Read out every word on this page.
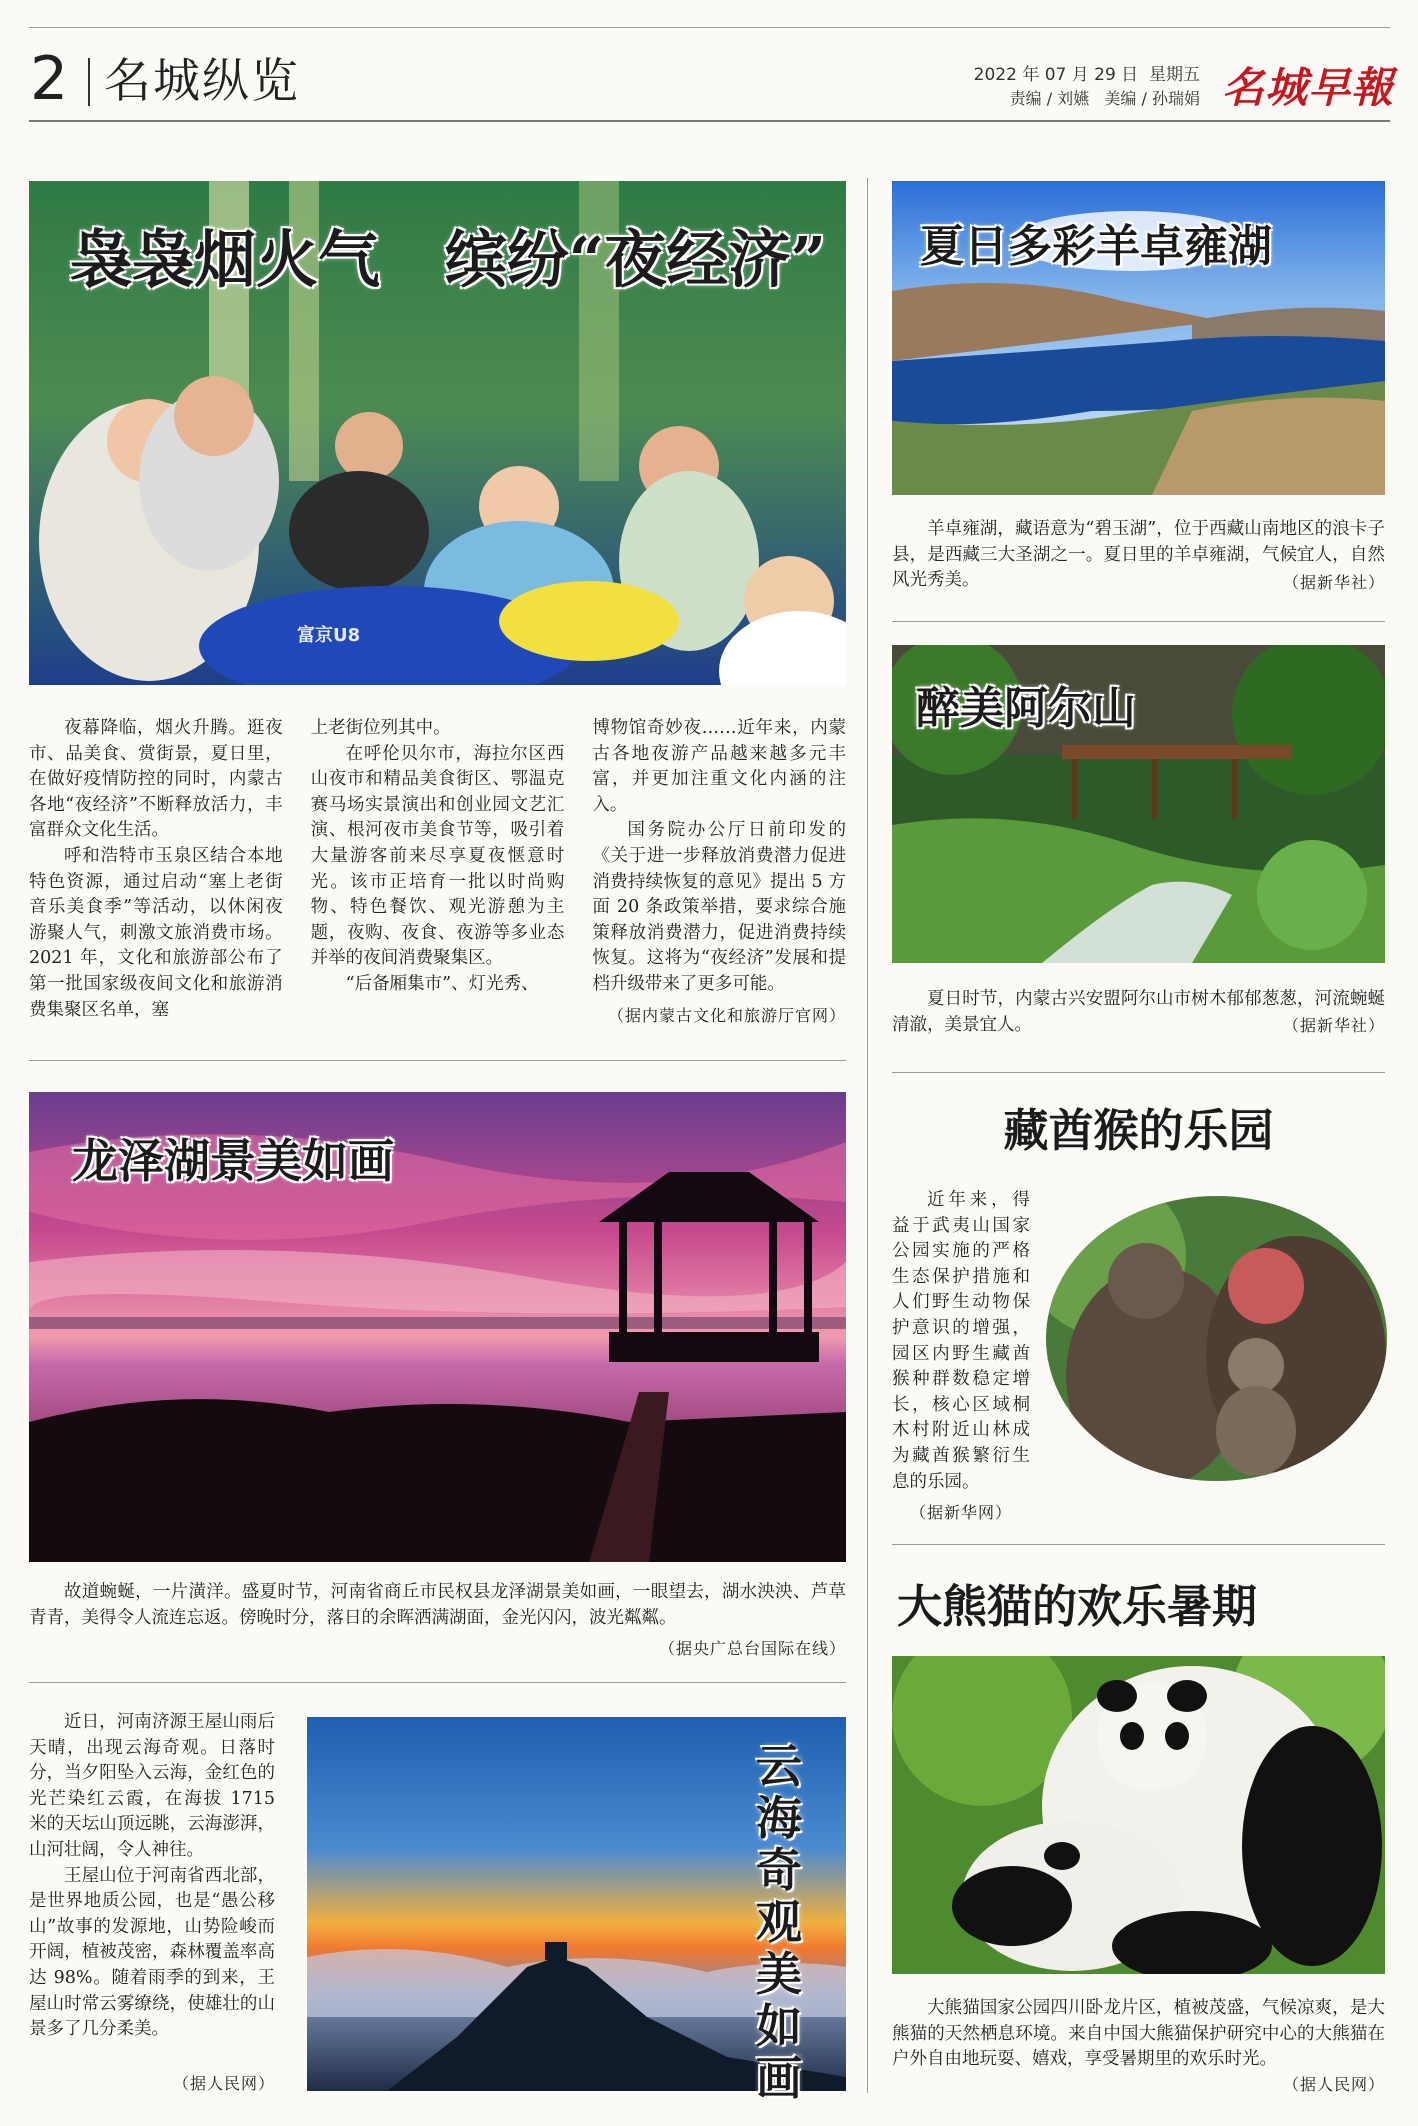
2 名城纵览	2022 年 07 月 29 日  星期五
责编 / 刘嬿   美编 / 孙瑞娟 名城早報
富京U8
袅袅烟火气   缤纷“夜经济”

夜幕降临，烟火升腾。逛夜市、品美食、赏街景，夏日里，在做好疫情防控的同时，内蒙古各地“夜经济”不断释放活力，丰富群众文化生活。

呼和浩特市玉泉区结合本地特色资源，通过启动“塞上老街音乐美食季”等活动，以休闲夜游聚人气，刺激文旅消费市场。2021 年，文化和旅游部公布了第一批国家级夜间文化和旅游消费集聚区名单，塞

上老街位列其中。

在呼伦贝尔市，海拉尔区西山夜市和精品美食街区、鄂温克赛马场实景演出和创业园文艺汇演、根河夜市美食节等，吸引着大量游客前来尽享夏夜惬意时光。该市正培育一批以时尚购物、特色餐饮、观光游憩为主题，夜购、夜食、夜游等多业态并举的夜间消费聚集区。

“后备厢集市”、灯光秀、

博物馆奇妙夜……近年来，内蒙古各地夜游产品越来越多元丰富，并更加注重文化内涵的注入。

国务院办公厅日前印发的《关于进一步释放消费潜力促进消费持续恢复的意见》提出 5 方面 20 条政策举措，要求综合施策释放消费潜力，促进消费持续恢复。这将为“夜经济”发展和提档升级带来了更多可能。

（据内蒙古文化和旅游厅官网）
龙泽湖景美如画

故道蜿蜒，一片潢洋。盛夏时节，河南省商丘市民权县龙泽湖景美如画，一眼望去，湖水泱泱、芦草青青，美得令人流连忘返。傍晚时分，落日的余晖洒满湖面，金光闪闪，波光粼粼。

（据央广总台国际在线）

近日，河南济源王屋山雨后天晴，出现云海奇观。日落时分，当夕阳坠入云海，金红色的光芒染红云霞，在海拔 1715 米的天坛山顶远眺，云海澎湃，山河壮阔，令人神往。

王屋山位于河南省西北部，是世界地质公园，也是“愚公移山”故事的发源地，山势险峻而开阔，植被茂密，森林覆盖率高达 98%。随着雨季的到来，王屋山时常云雾缭绕，使雄壮的山景多了几分柔美。

（据人民网）
云海奇观美如画
夏日多彩羊卓雍湖

羊卓雍湖，藏语意为“碧玉湖”，位于西藏山南地区的浪卡子县，是西藏三大圣湖之一。夏日里的羊卓雍湖，气候宜人，自然风光秀美。	（据新华社）
醉美阿尔山

夏日时节，内蒙古兴安盟阿尔山市树木郁郁葱葱，河流蜿蜒清澈，美景宜人。	（据新华社）
藏酋猴的乐园

近年来，得益于武夷山国家公园实施的严格生态保护措施和人们野生动物保护意识的增强，园区内野生藏酋猴种群数稳定增长，核心区域桐木村附近山林成为藏酋猴繁衍生息的乐园。

（据新华网）
大熊猫的欢乐暑期

大熊猫国家公园四川卧龙片区，植被茂盛，气候凉爽，是大熊猫的天然栖息环境。来自中国大熊猫保护研究中心的大熊猫在户外自由地玩耍、嬉戏，享受暑期里的欢乐时光。

（据人民网）
